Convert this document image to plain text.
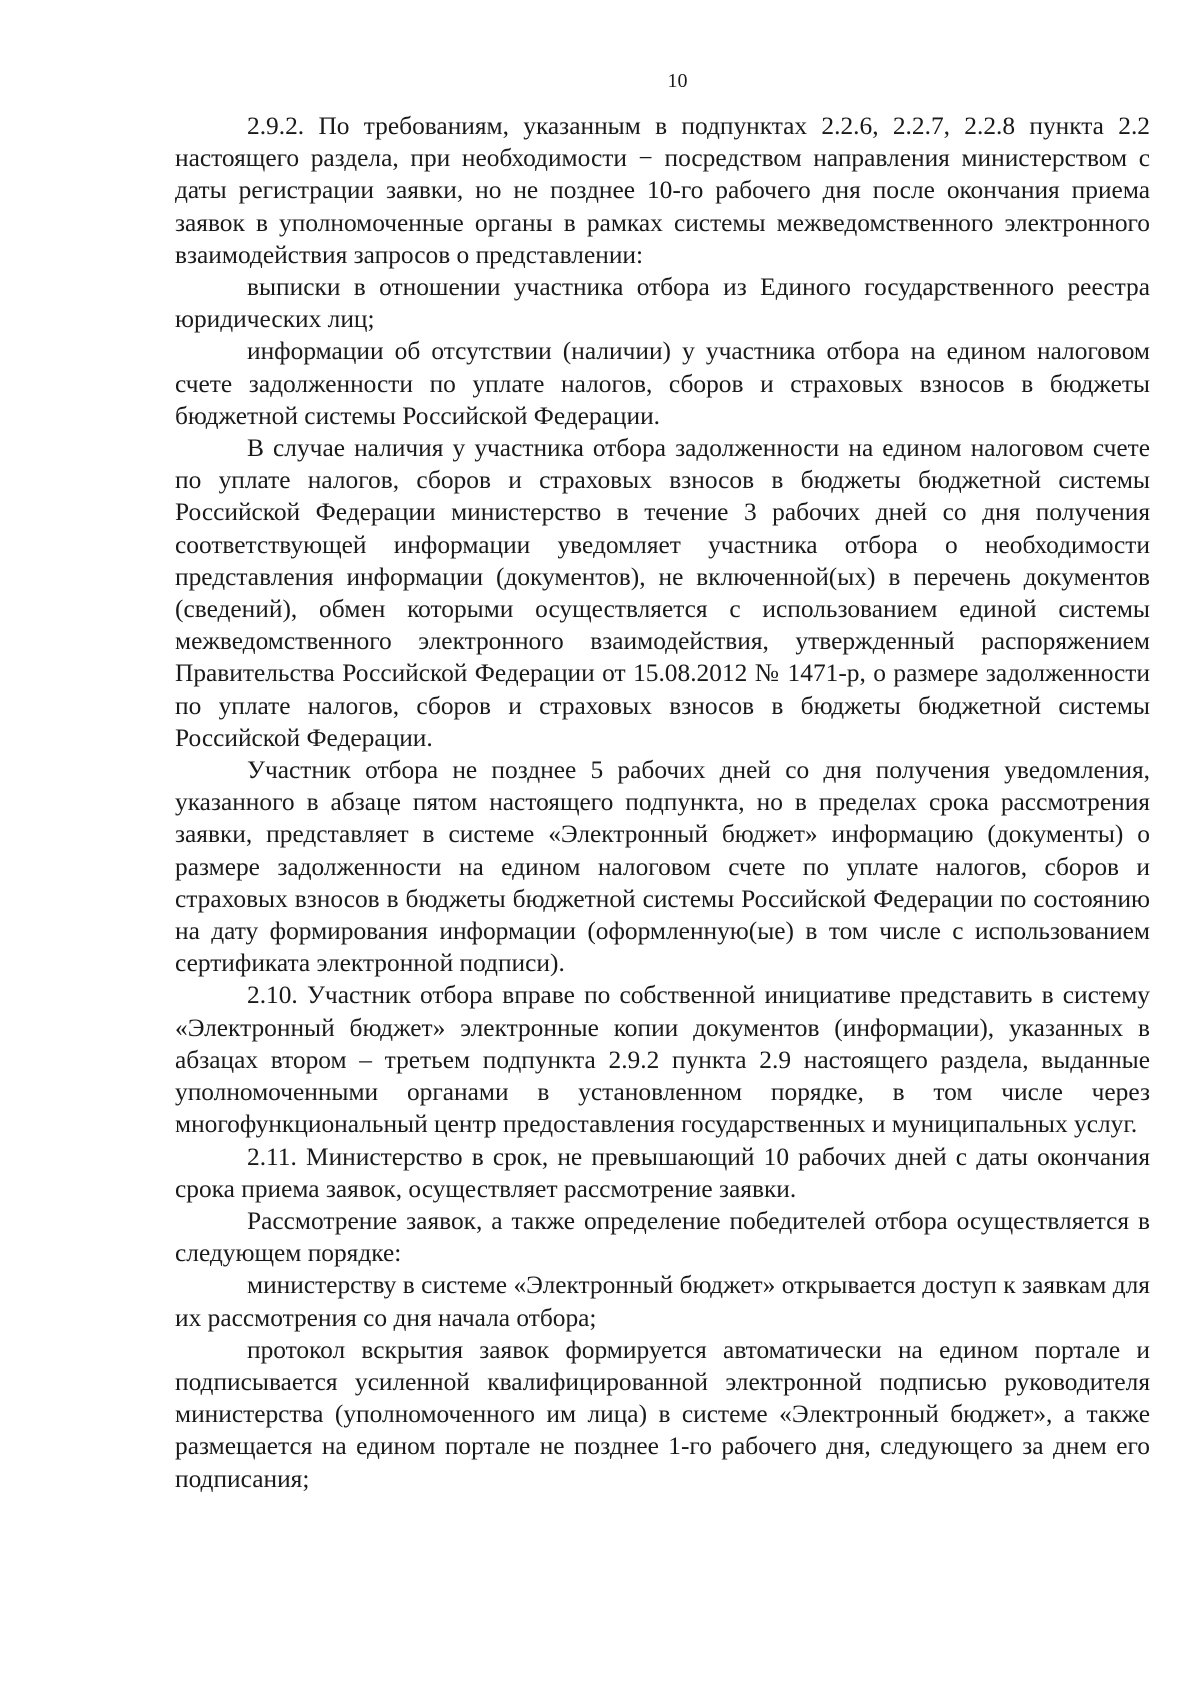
10

2.9.2. По требованиям, указанным в подпунктах 2.2.6, 2.2.7, 2.2.8 пункта 2.2 настоящего раздела, при необходимости − посредством направления министерством с даты регистрации заявки, но не позднее 10-го рабочего дня после окончания приема заявок в уполномоченные органы в рамках системы межведомственного электронного взаимодействия запросов о представлении:

выписки в отношении участника отбора из Единого государственного реестра юридических лиц;

информации об отсутствии (наличии) у участника отбора на едином налоговом счете задолженности по уплате налогов, сборов и страховых взносов в бюджеты бюджетной системы Российской Федерации.

В случае наличия у участника отбора задолженности на едином налоговом счете по уплате налогов, сборов и страховых взносов в бюджеты бюджетной системы Российской Федерации министерство в течение 3 рабочих дней со дня получения соответствующей информации уведомляет участника отбора о необходимости представления информации (документов), не включенной(ых) в перечень документов (сведений), обмен которыми осуществляется с использованием единой системы межведомственного электронного взаимодействия, утвержденный распоряжением Правительства Российской Федерации от 15.08.2012 № 1471-р, о размере задолженности по уплате налогов, сборов и страховых взносов в бюджеты бюджетной системы Российской Федерации.

Участник отбора не позднее 5 рабочих дней со дня получения уведомления, указанного в абзаце пятом настоящего подпункта, но в пределах срока рассмотрения заявки, представляет в системе «Электронный бюджет» информацию (документы) о размере задолженности на едином налоговом счете по уплате налогов, сборов и страховых взносов в бюджеты бюджетной системы Российской Федерации по состоянию на дату формирования информации (оформленную(ые) в том числе с использованием сертификата электронной подписи).

2.10. Участник отбора вправе по собственной инициативе представить в систему «Электронный бюджет» электронные копии документов (информации), указанных в абзацах втором – третьем подпункта 2.9.2 пункта 2.9 настоящего раздела, выданные уполномоченными органами в установленном порядке, в том числе через многофункциональный центр предоставления государственных и муниципальных услуг.

2.11. Министерство в срок, не превышающий 10 рабочих дней с даты окончания срока приема заявок, осуществляет рассмотрение заявки.

Рассмотрение заявок, а также определение победителей отбора осуществляется в следующем порядке:

министерству в системе «Электронный бюджет» открывается доступ к заявкам для их рассмотрения со дня начала отбора;

протокол вскрытия заявок формируется автоматически на едином портале и подписывается усиленной квалифицированной электронной подписью руководителя министерства (уполномоченного им лица) в системе «Электронный бюджет», а также размещается на едином портале не позднее 1-го рабочего дня, следующего за днем его подписания;
